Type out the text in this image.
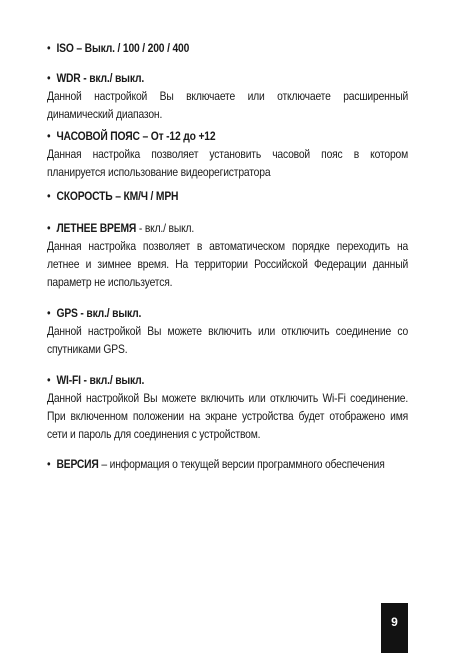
• ISO – Выкл. / 100 / 200 / 400
• WDR - вкл./ выкл.

Данной настройкой Вы включаете или отключаете расширенный динамический диапазон.

• ЧАСОВОЙ ПОЯС – От -12 до +12

Данная настройка позволяет установить часовой пояс в котором планируется использование видеорегистратора

• СКОРОСТЬ – КМ/Ч / MPH
• ЛЕТНЕЕ ВРЕМЯ - вкл./ выкл.

Данная настройка позволяет в автоматическом порядке переходить на летнее и зимнее время. На территории Российской Федерации данный параметр не используется.

• GPS - вкл./ выкл.

Данной настройкой Вы можете включить или отключить соединение со спутниками GPS.

• WI-FI - вкл./ выкл.

Данной настройкой Вы можете включить или отключить Wi-Fi соединение. При включенном положении на экране устройства будет отображено имя сети и пароль для соединения с устройством.

• ВЕРСИЯ – информация о текущей версии программного обеспечения
9
